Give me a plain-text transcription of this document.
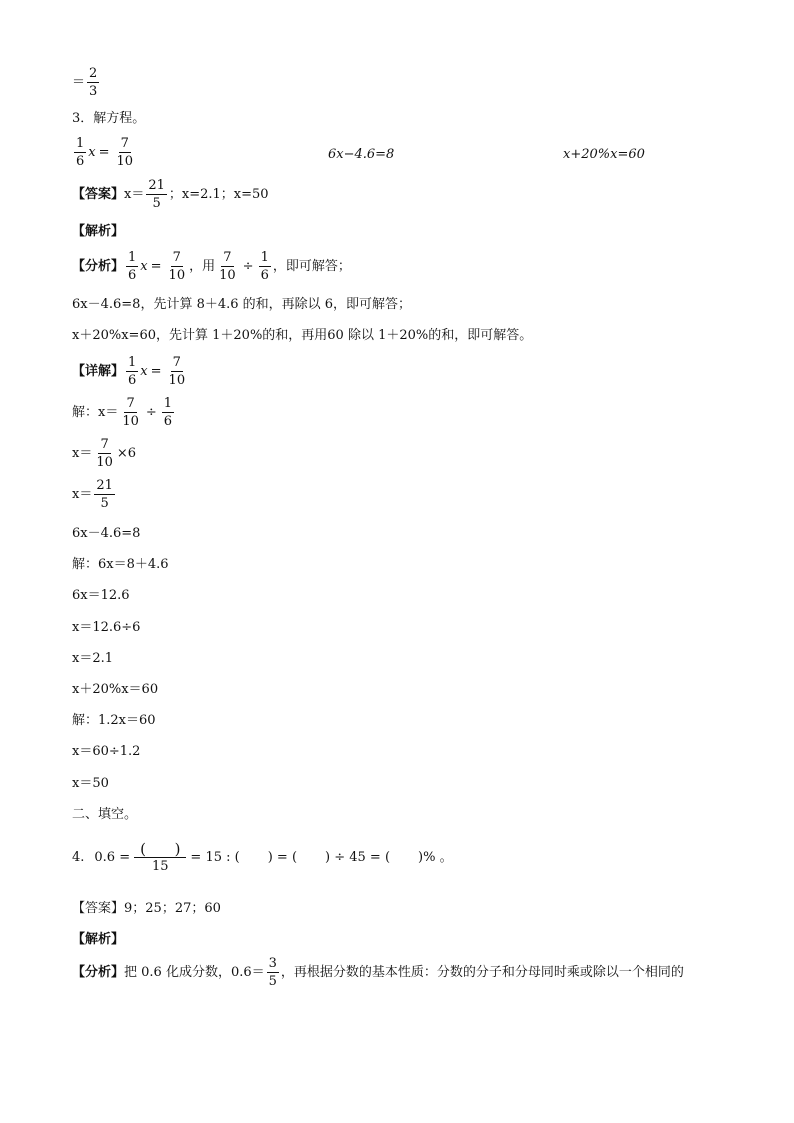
＝ $\frac{2}{3}$
3．解方程。
$\frac{1}{6}$ $x = \frac{7}{10}$	6x−4.6=8	x+20%x=60
【答案】 $x= \frac{21}{5}$ ；x=2.1；x=50
【解析】
【分析】 $\frac{1}{6}$ $x = \frac{7}{10}$ ，用 $\frac{7}{10} \div \frac{1}{6}$ ，即可解答；
6x－4.6=8，先计算 8＋4.6 的和，再除以 6，即可解答；
x＋20%x=60，先计算 1＋20%的和，再用60 除以 1＋20%的和，即可解答。
【详解】 $\frac{1}{6}$ $x = \frac{7}{10}$
解：$x= \frac{7}{10} \div \frac{1}{6}$
$x= \frac{7}{10} \times 6$
$x= \frac{21}{5}$
6x－4.6=8
解：6x＝8＋4.6
6x＝12.6
x＝12.6÷6
x＝2.1
x＋20%x＝60
解：1.2x＝60
x＝60÷1.2
x＝50
二、填空。
4. 0.6 = (      )
15
= 15 : ( ) = ( ) ÷ 45 = ( )% 。
【答案】9；25；27；60
【解析】
【分析】 把 0.6 化成分数，$0.6= \frac{3}{5}$ ，再根据分数的基本性质：分数的分子和分母同时乘或除以一个相同的
